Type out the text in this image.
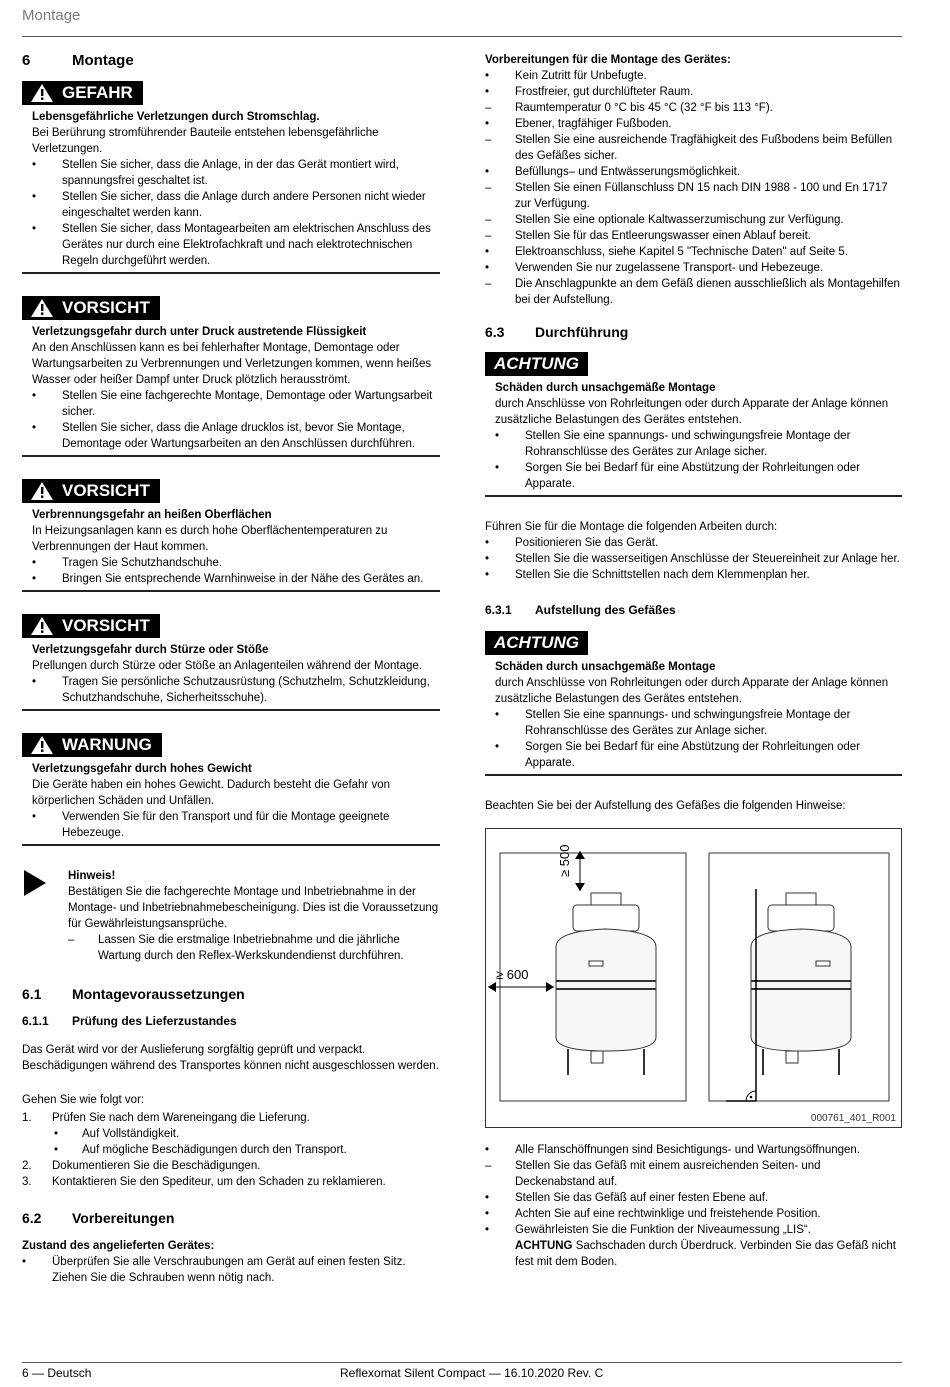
Montage
6	Montage
GEFAHR
Lebensgefährliche Verletzungen durch Stromschlag.
Bei Berührung stromführender Bauteile entstehen lebensgefährliche Verletzungen.
• Stellen Sie sicher, dass die Anlage, in der das Gerät montiert wird, spannungsfrei geschaltet ist.
• Stellen Sie sicher, dass die Anlage durch andere Personen nicht wieder eingeschaltet werden kann.
• Stellen Sie sicher, dass Montagearbeiten am elektrischen Anschluss des Gerätes nur durch eine Elektrofachkraft und nach elektrotechnischen Regeln durchgeführt werden.
VORSICHT
Verletzungsgefahr durch unter Druck austretende Flüssigkeit
An den Anschlüssen kann es bei fehlerhafter Montage, Demontage oder Wartungsarbeiten zu Verbrennungen und Verletzungen kommen, wenn heißes Wasser oder heißer Dampf unter Druck plötzlich herausströmt.
• Stellen Sie eine fachgerechte Montage, Demontage oder Wartungsarbeit sicher.
• Stellen Sie sicher, dass die Anlage drucklos ist, bevor Sie Montage, Demontage oder Wartungsarbeiten an den Anschlüssen durchführen.
VORSICHT
Verbrennungsgefahr an heißen Oberflächen
In Heizungsanlagen kann es durch hohe Oberflächentemperaturen zu Verbrennungen der Haut kommen.
• Tragen Sie Schutzhandschuhe.
• Bringen Sie entsprechende Warnhinweise in der Nähe des Gerätes an.
VORSICHT
Verletzungsgefahr durch Stürze oder Stöße
Prellungen durch Stürze oder Stöße an Anlagenteilen während der Montage.
• Tragen Sie persönliche Schutzausrüstung (Schutzhelm, Schutzkleidung, Schutzhandschuhe, Sicherheitsschuhe).
WARNUNG
Verletzungsgefahr durch hohes Gewicht
Die Geräte haben ein hohes Gewicht. Dadurch besteht die Gefahr von körperlichen Schäden und Unfällen.
• Verwenden Sie für den Transport und für die Montage geeignete Hebezeuge.

Hinweis!

Bestätigen Sie die fachgerechte Montage und Inbetriebnahme in der Montage- und Inbetriebnahmebescheinigung. Dies ist die Voraussetzung für Gewährleistungsansprüche.

– Lassen Sie die erstmalige Inbetriebnahme und die jährliche Wartung durch den Reflex-Werkskundendienst durchführen.
6.1	Montagevoraussetzungen
6.1.1	Prüfung des Lieferzustandes

Das Gerät wird vor der Auslieferung sorgfältig geprüft und verpackt. Beschädigungen während des Transportes können nicht ausgeschlossen werden.

Gehen Sie wie folgt vor:

1. Prüfen Sie nach dem Wareneingang die Lieferung.
• Auf Vollständigkeit.
• Auf mögliche Beschädigungen durch den Transport.
2. Dokumentieren Sie die Beschädigungen.
3. Kontaktieren Sie den Spediteur, um den Schaden zu reklamieren.
6.2	Vorbereitungen

Zustand des angelieferten Gerätes:

• Überprüfen Sie alle Verschraubungen am Gerät auf einen festen Sitz. Ziehen Sie die Schrauben wenn nötig nach.

Vorbereitungen für die Montage des Gerätes:

• Kein Zutritt für Unbefugte.
• Frostfreier, gut durchlüfteter Raum.
– Raumtemperatur 0 °C bis 45 °C (32 °F bis 113 °F).
• Ebener, tragfähiger Fußboden.
– Stellen Sie eine ausreichende Tragfähigkeit des Fußbodens beim Befüllen des Gefäßes sicher.
• Befüllungs– und Entwässerungsmöglichkeit.
– Stellen Sie einen Füllanschluss DN 15 nach DIN 1988 - 100 und En 1717 zur Verfügung.
– Stellen Sie eine optionale Kaltwasserzumischung zur Verfügung.
– Stellen Sie für das Entleerungswasser einen Ablauf bereit.
• Elektroanschluss, siehe Kapitel 5 "Technische Daten" auf Seite 5.
• Verwenden Sie nur zugelassene Transport- und Hebezeuge.
– Die Anschlagpunkte an dem Gefäß dienen ausschließlich als Montagehilfen bei der Aufstellung.
6.3	Durchführung
ACHTUNG
Schäden durch unsachgemäße Montage
durch Anschlüsse von Rohrleitungen oder durch Apparate der Anlage können zusätzliche Belastungen des Gerätes entstehen.
• Stellen Sie eine spannungs- und schwingungsfreie Montage der Rohranschlüsse des Gerätes zur Anlage sicher.
• Sorgen Sie bei Bedarf für eine Abstützung der Rohrleitungen oder Apparate.

Führen Sie für die Montage die folgenden Arbeiten durch:

• Positionieren Sie das Gerät.
• Stellen Sie die wasserseitigen Anschlüsse der Steuereinheit zur Anlage her.
• Stellen Sie die Schnittstellen nach dem Klemmenplan her.
6.3.1	Aufstellung des Gefäßes
ACHTUNG
Schäden durch unsachgemäße Montage
durch Anschlüsse von Rohrleitungen oder durch Apparate der Anlage können zusätzliche Belastungen des Gerätes entstehen.
• Stellen Sie eine spannungs- und schwingungsfreie Montage der Rohranschlüsse des Gerätes zur Anlage sicher.
• Sorgen Sie bei Bedarf für eine Abstützung der Rohrleitungen oder Apparate.

Beachten Sie bei der Aufstellung des Gefäßes die folgenden Hinweise:

≥ 500
≥ 600
000761_401_R001
• Alle Flanschöffnungen sind Besichtigungs- und Wartungsöffnungen.
– Stellen Sie das Gefäß mit einem ausreichenden Seiten- und Deckenabstand auf.
• Stellen Sie das Gefäß auf einer festen Ebene auf.
• Achten Sie auf eine rechtwinklige und freistehende Position.
• Gewährleisten Sie die Funktion der Niveaumessung „LIS“.

ACHTUNG Sachschaden durch Überdruck. Verbinden Sie das Gefäß nicht fest mit dem Boden.

6 — Deutsch	Reflexomat Silent Compact — 16.10.2020 Rev. C
